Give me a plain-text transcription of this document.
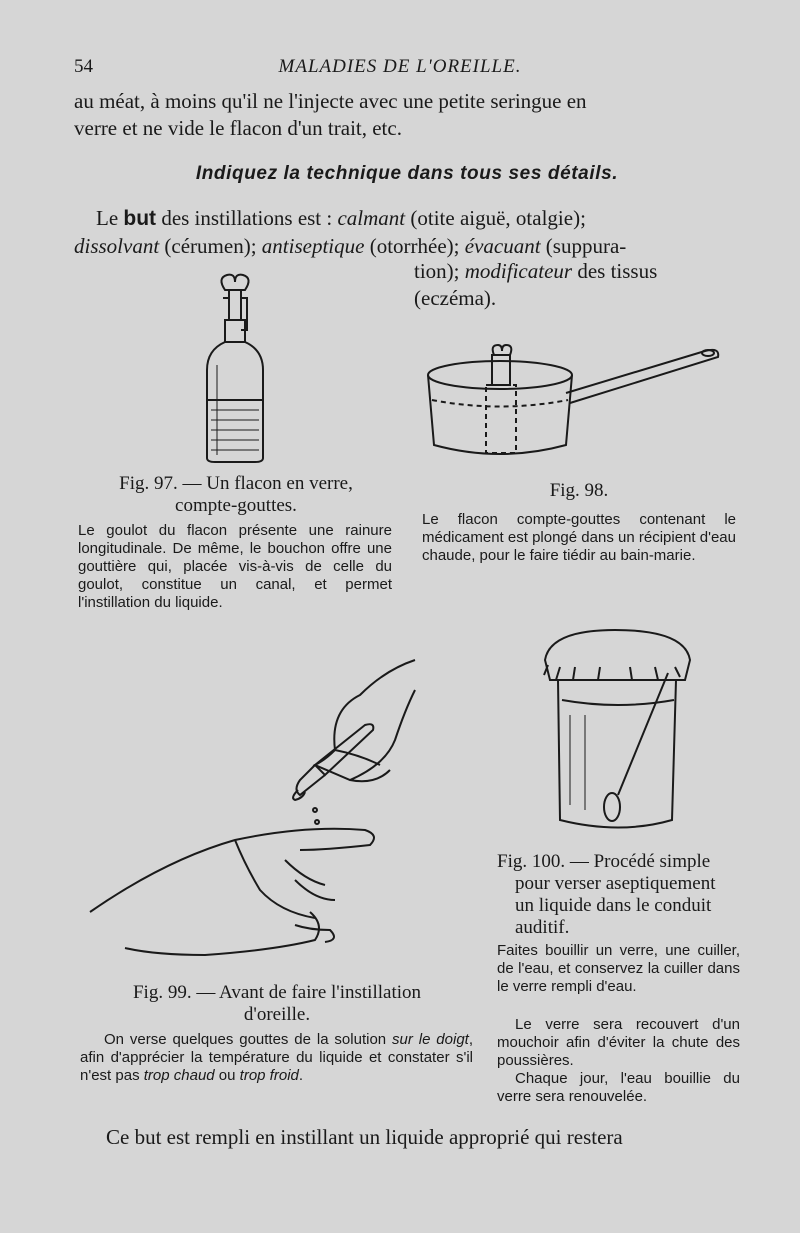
54	MALADIES DE L'OREILLE.
au méat, à moins qu'il ne l'injecte avec une petite seringue en
verre et ne vide le flacon d'un trait, etc.
Indiquez la technique dans tous ses détails.
Le but des instillations est : calmant (otite aiguë, otalgie);
dissolvant (cérumen); antiseptique (otorrhée); évacuant (suppura-
tion); modificateur des tissus
(eczéma).
Fig. 97. — Un flacon en verre,
compte-gouttes.
Le goulot du flacon présente une rainure longitudinale. De même, le bouchon offre une gouttière qui, placée vis-à-vis de celle du goulot, constitue un canal, et permet l'instillation du liquide.
Fig. 98.
Le flacon compte-gouttes contenant le médicament est plongé dans un récipient d'eau chaude, pour le faire tiédir au bain-marie.
Fig. 100. — Procédé simple pour verser aseptiquement un liquide dans le conduit auditif.
Faites bouillir un verre, une cuiller, de l'eau, et conservez la cuiller dans le verre rempli d'eau.
Le verre sera recouvert d'un mouchoir afin d'éviter la chute des poussières.
Chaque jour, l'eau bouillie du verre sera renouvelée.
Fig. 99. — Avant de faire l'instillation
d'oreille.
On verse quelques gouttes de la solution sur le doigt, afin d'apprécier la température du liquide et constater s'il n'est pas trop chaud ou trop froid.
Ce but est rempli en instillant un liquide approprié qui restera
